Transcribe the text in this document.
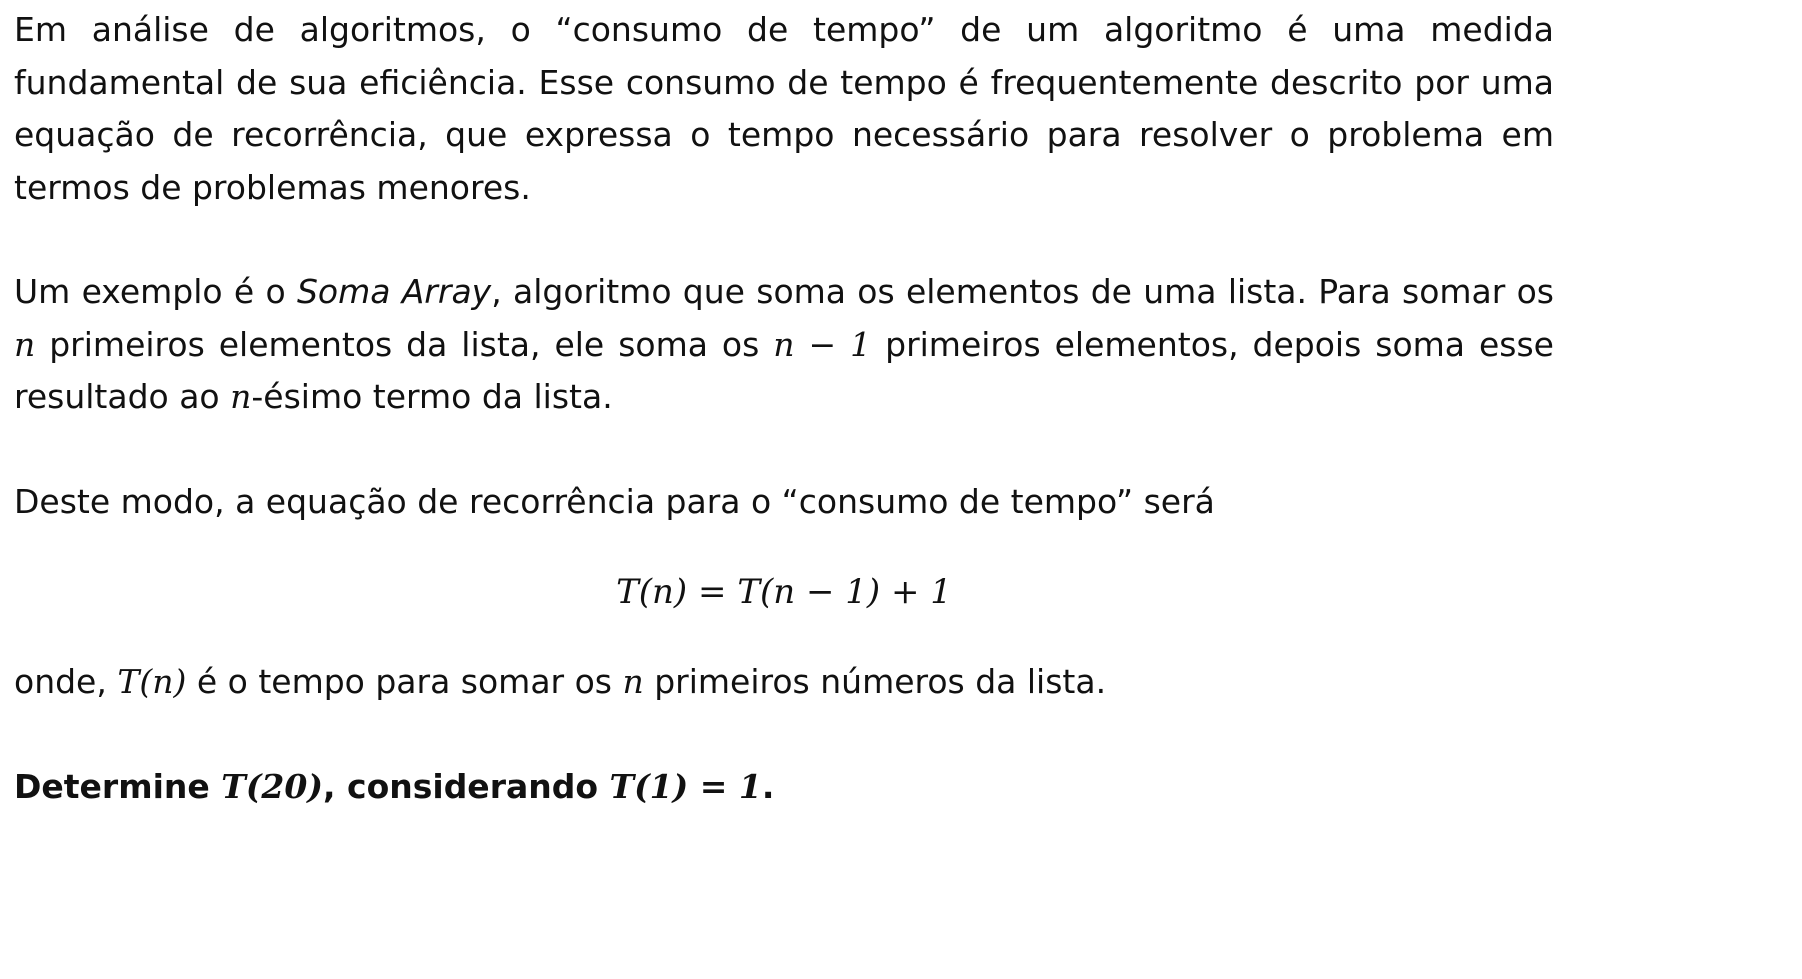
Em análise de algoritmos, o “consumo de tempo” de um algoritmo é uma medida fundamental de sua eficiência. Esse consumo de tempo é frequentemente descrito por uma equação de recorrência, que expressa o tempo necessário para resolver o problema em termos de problemas menores.

Um exemplo é o Soma Array, algoritmo que soma os elementos de uma lista. Para somar os n primeiros elementos da lista, ele soma os n − 1 primeiros elementos, depois soma esse resultado ao n-ésimo termo da lista.

Deste modo, a equação de recorrência para o “consumo de tempo” será

T(n) = T(n − 1) + 1

onde, T(n) é o tempo para somar os n primeiros números da lista.

Determine T(20), considerando T(1) = 1.
